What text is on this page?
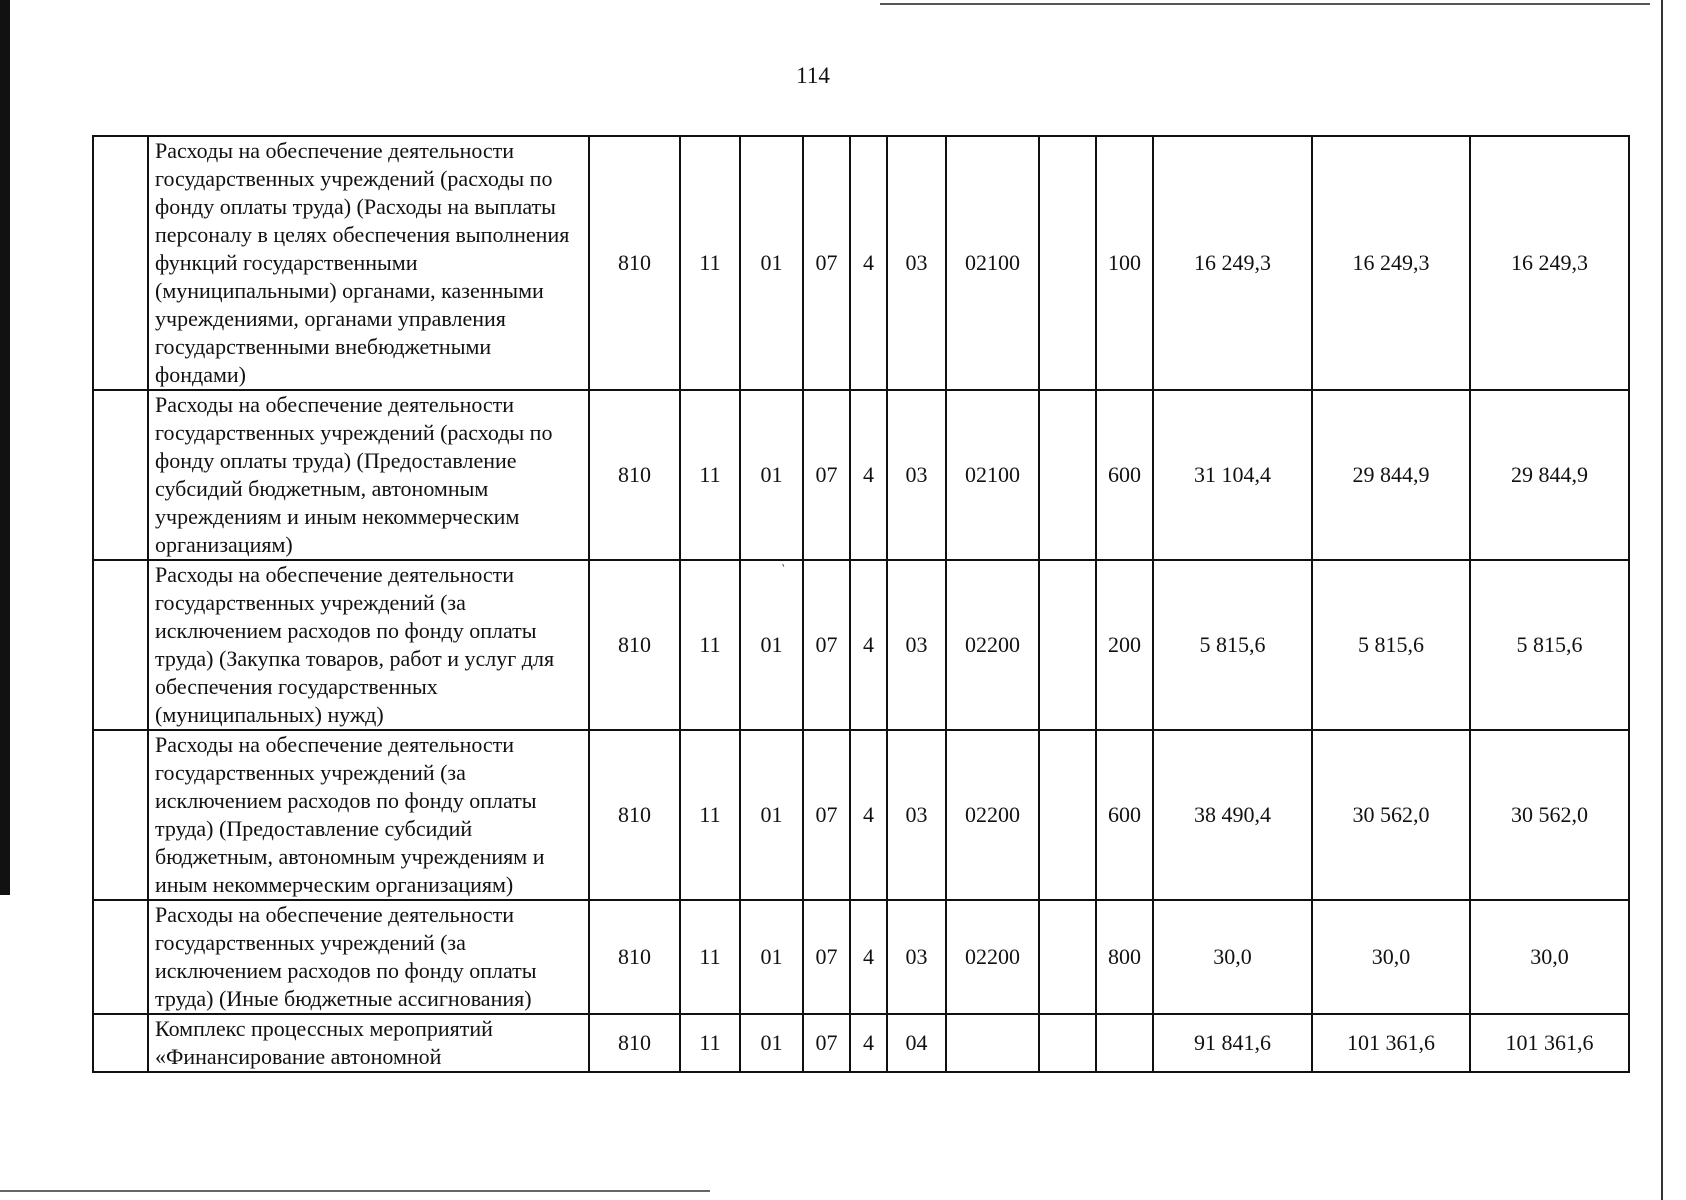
114
`
	Расходы на обеспечение деятельности государственных учреждений (расходы по фонду оплаты труда) (Расходы на выплаты персоналу в целях обеспечения выполнения функций государственными (муниципальными) органами, казенными учреждениями, органами управления государственными внебюджетными фондами)	810	11	01	07	4	03	02100		100	16 249,3	16 249,3	16 249,3
	Расходы на обеспечение деятельности государственных учреждений (расходы по фонду оплаты труда) (Предоставление субсидий бюджетным, автономным учреждениям и иным некоммерческим организациям)	810	11	01	07	4	03	02100		600	31 104,4	29 844,9	29 844,9
	Расходы на обеспечение деятельности государственных учреждений (за исключением расходов по фонду оплаты труда) (Закупка товаров, работ и услуг для обеспечения государственных (муниципальных) нужд)	810	11	01	07	4	03	02200		200	5 815,6	5 815,6	5 815,6
	Расходы на обеспечение деятельности государственных учреждений (за исключением расходов по фонду оплаты труда) (Предоставление субсидий бюджетным, автономным учреждениям и иным некоммерческим организациям)	810	11	01	07	4	03	02200		600	38 490,4	30 562,0	30 562,0
	Расходы на обеспечение деятельности государственных учреждений (за исключением расходов по фонду оплаты труда) (Иные бюджетные ассигнования)	810	11	01	07	4	03	02200		800	30,0	30,0	30,0
	Комплекс процессных мероприятий «Финансирование автономной	810	11	01	07	4	04				91 841,6	101 361,6	101 361,6
